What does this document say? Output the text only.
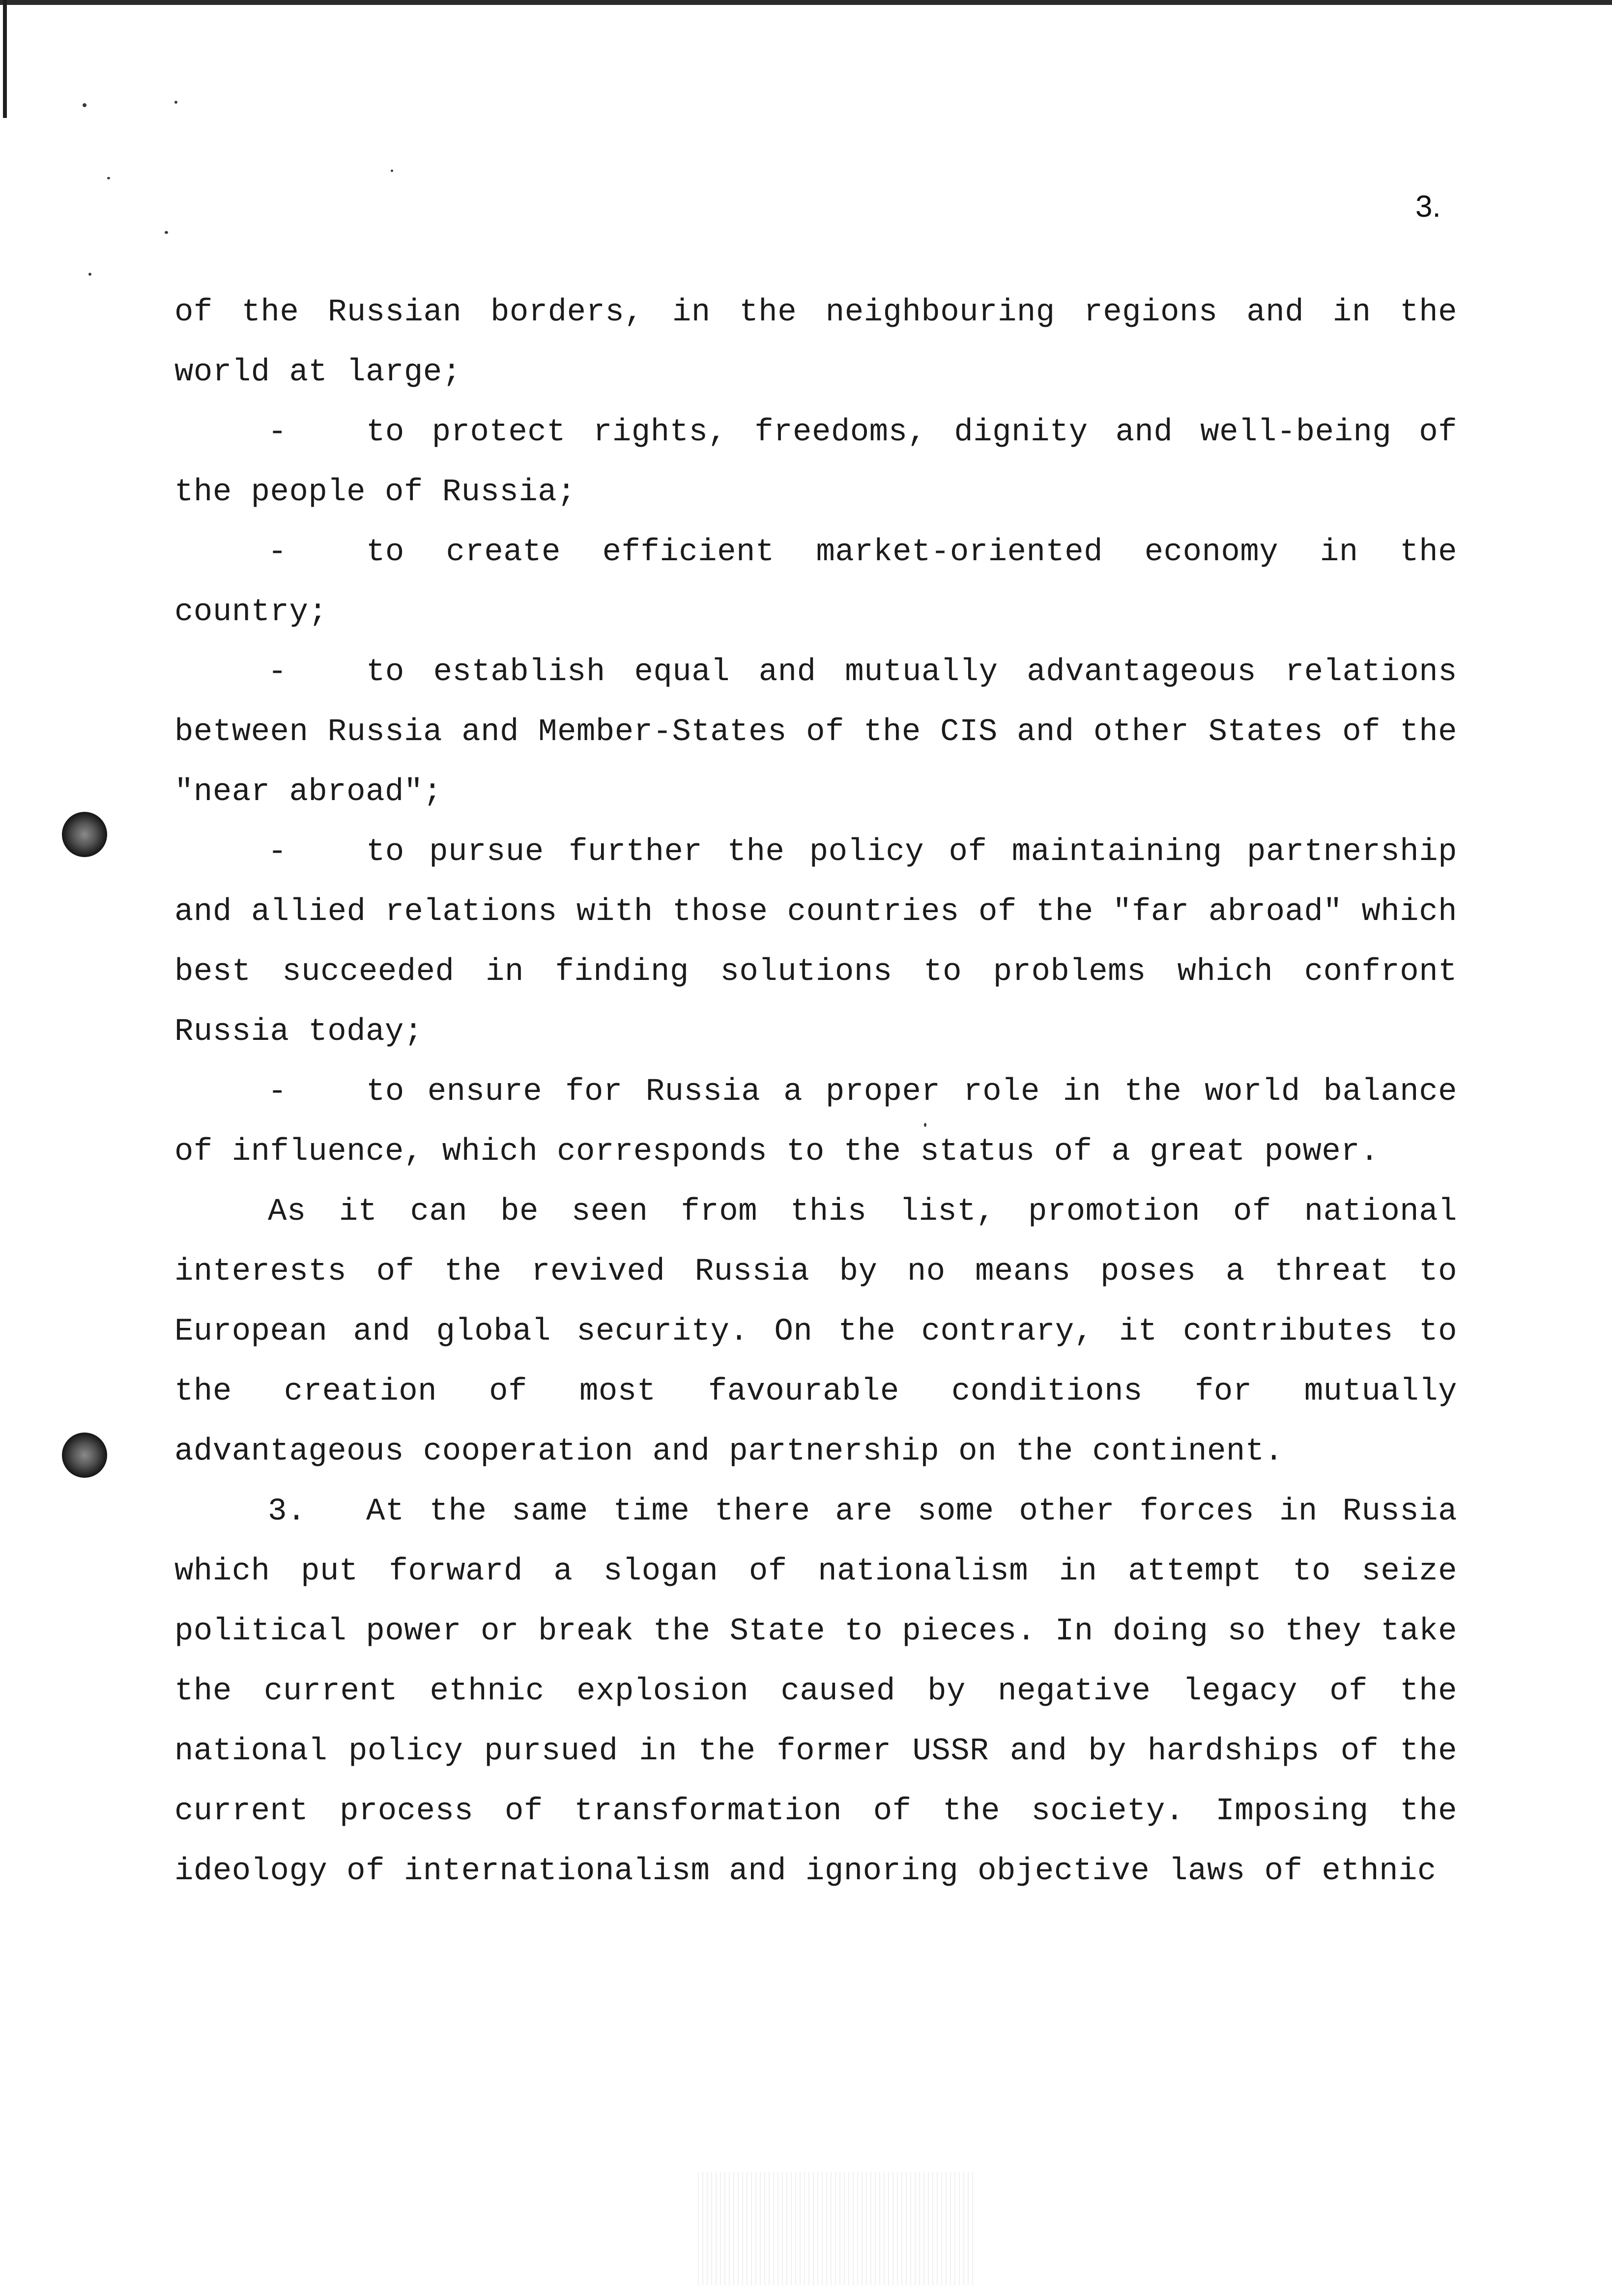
3.

of the Russian borders, in the neighbouring regions and in the world at large;

-	to protect rights, freedoms, dignity and well-being of the people of Russia;

-	to create efficient market-oriented economy in the country;

-	to establish equal and mutually advantageous relations between Russia and Member-States of the CIS and other States of the "near abroad";

-	to pursue further the policy of maintaining partnership and allied relations with those countries of the "far abroad" which best succeeded in finding solutions to problems which confront Russia today;

-	to ensure for Russia a proper role in the world balance of influence, which corresponds to the status of a great power.

As it can be seen from this list, promotion of national interests of the revived Russia by no means poses a threat to European and global security. On the contrary, it contributes to the creation of most favourable conditions for mutually advantageous cooperation and partnership on the continent.

3. At the same time there are some other forces in Russia which put forward a slogan of nationalism in attempt to seize political power or break the State to pieces. In doing so they take the current ethnic explosion caused by negative legacy of the national policy pursued in the former USSR and by hardships of the current process of transformation of the society. Imposing the ideology of internationalism and ignoring objective laws of ethnic
